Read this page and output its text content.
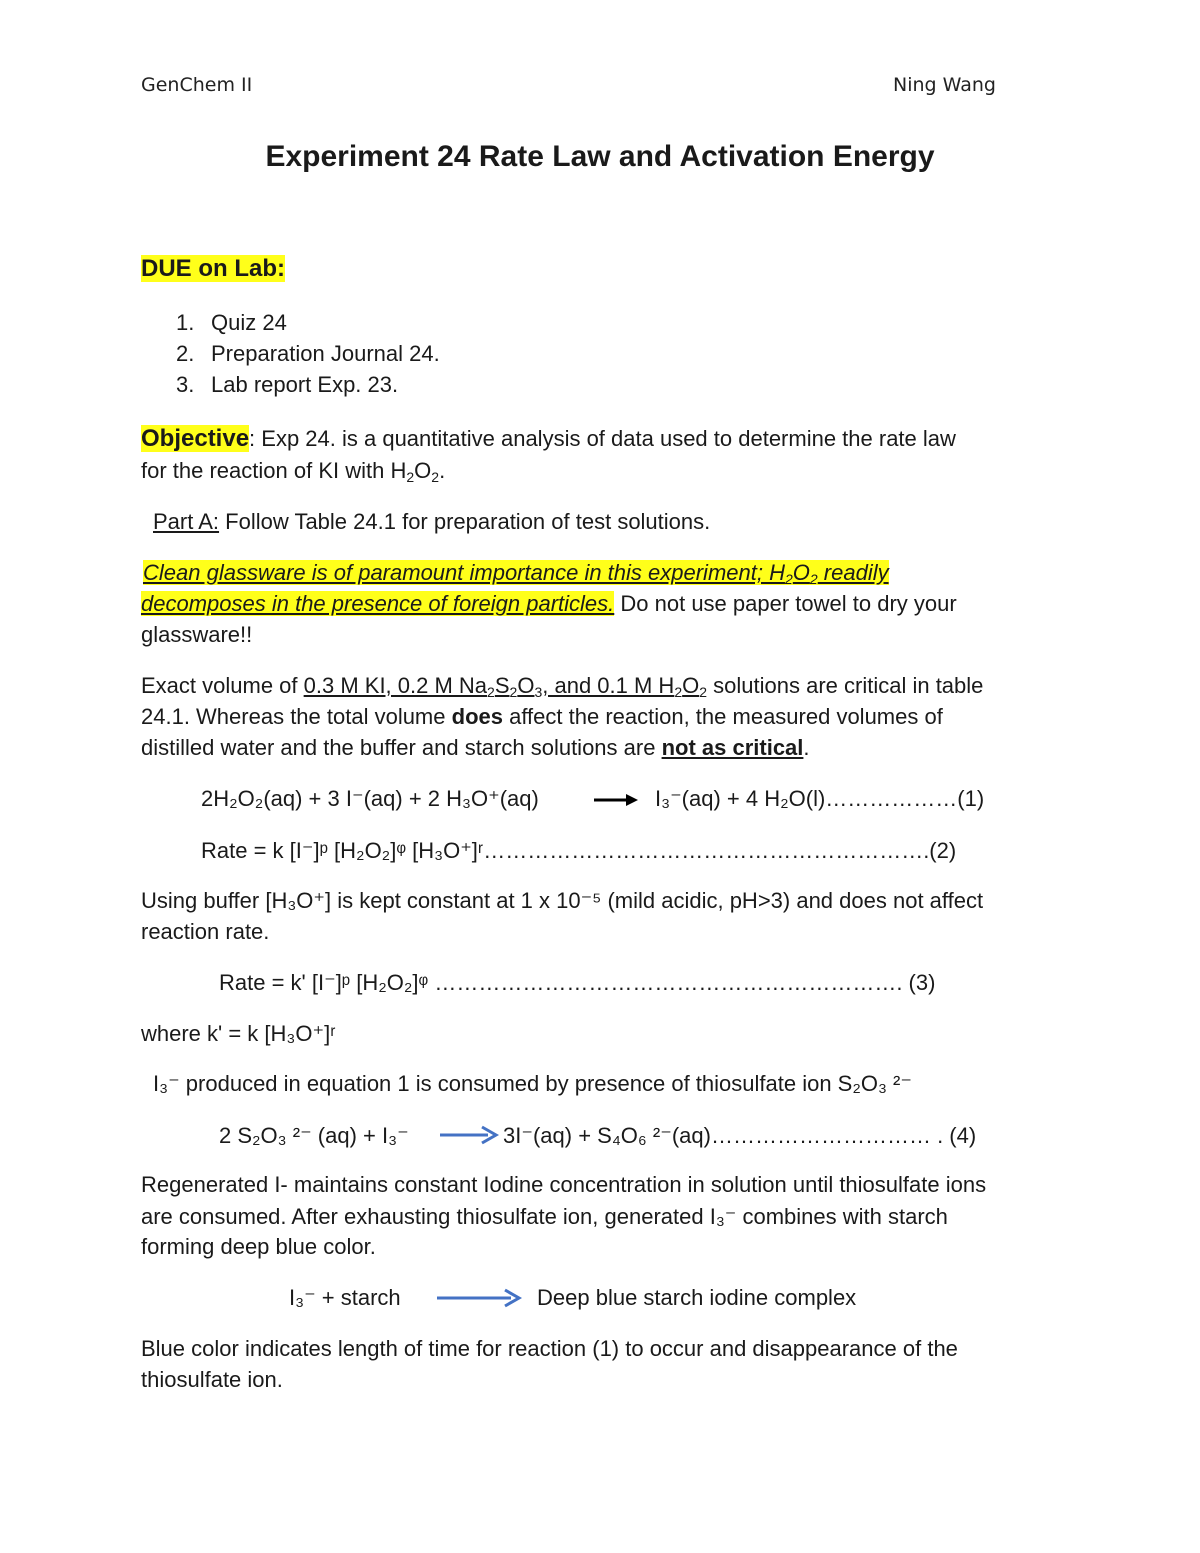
GenChem II	Ning Wang
Experiment 24 Rate Law and Activation Energy
DUE on Lab:
1. Quiz 24
2. Preparation Journal 24.
3. Lab report Exp. 23.
Objective: Exp 24. is a quantitative analysis of data used to determine the rate law
for the reaction of KI with $H_2O_2$.
Part A: Follow Table 24.1 for preparation of test solutions.
Clean glassware is of paramount importance in this experiment; $H_2O_2$ readily
decomposes in the presence of foreign particles. Do not use paper towel to dry your
glassware!!
Exact volume of 0.3 M KI, 0.2 M $Na_2S_2O_3$, and 0.1 M $H_2O_2$ solutions are critical in table
24.1. Whereas the total volume does affect the reaction, the measured volumes of
distilled water and the buffer and starch solutions are not as critical.
2H₂O₂(aq) + 3 I⁻(aq) + 2 H₃O⁺(aq)	I₃⁻(aq) + 4 H₂O(l)………………(1)
Rate = k [I⁻]ᵖ [H₂O₂]ᵠ [H₃O⁺]ʳ…………………………………………………….(2)
Using buffer [H₃O⁺] is kept constant at 1 x 10⁻⁵ (mild acidic, pH>3) and does not affect
reaction rate.
Rate = k' [I⁻]ᵖ [H₂O₂]ᵠ ………………………………………………………. (3)
where k' = k [H₃O⁺]ʳ
I₃⁻ produced in equation 1 is consumed by presence of thiosulfate ion S₂O₃ ²⁻
2 S₂O₃ ²⁻ (aq) + I₃⁻	3I⁻(aq) + S₄O₆ ²⁻(aq)………………………… . (4)
Regenerated I- maintains constant Iodine concentration in solution until thiosulfate ions
are consumed. After exhausting thiosulfate ion, generated I₃⁻ combines with starch
forming deep blue color.
I₃⁻ + starch	Deep blue starch iodine complex
Blue color indicates length of time for reaction (1) to occur and disappearance of the
thiosulfate ion.
